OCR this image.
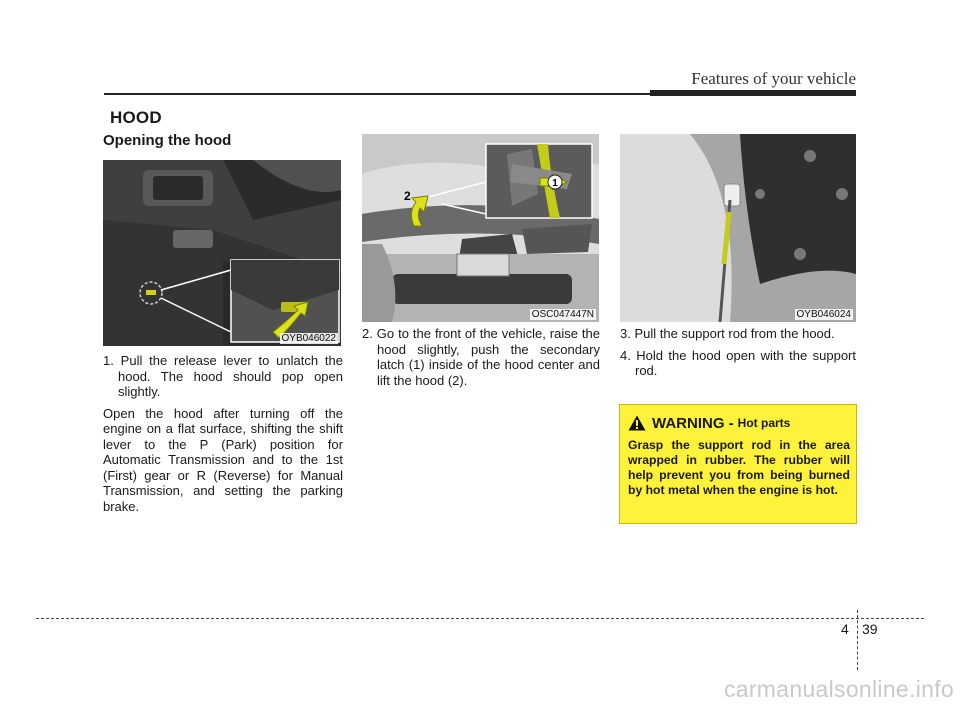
Features of your vehicle
HOOD
Opening the hood
OYB046022
1
2
OSC047447N	OYB046024

1. Pull the release lever to unlatch the hood. The hood should pop open slightly.

Open the hood after turning off the engine on a flat surface, shifting the shift lever to the P (Park) position for Automatic Transmission and to the 1st (First) gear or R (Reverse) for Manual Transmission, and setting the parking brake.

2. Go to the front of the vehicle, raise the hood slightly, push the secondary latch (1) inside of the hood center and lift the hood (2).

3. Pull the support rod from the hood.

4. Hold the hood open with the support rod.

WARNING - Hot parts
Grasp the support rod in the area wrapped in rubber. The rubber will help prevent you from being burned by hot metal when the engine is hot.
4 39
carmanualsonline.info
